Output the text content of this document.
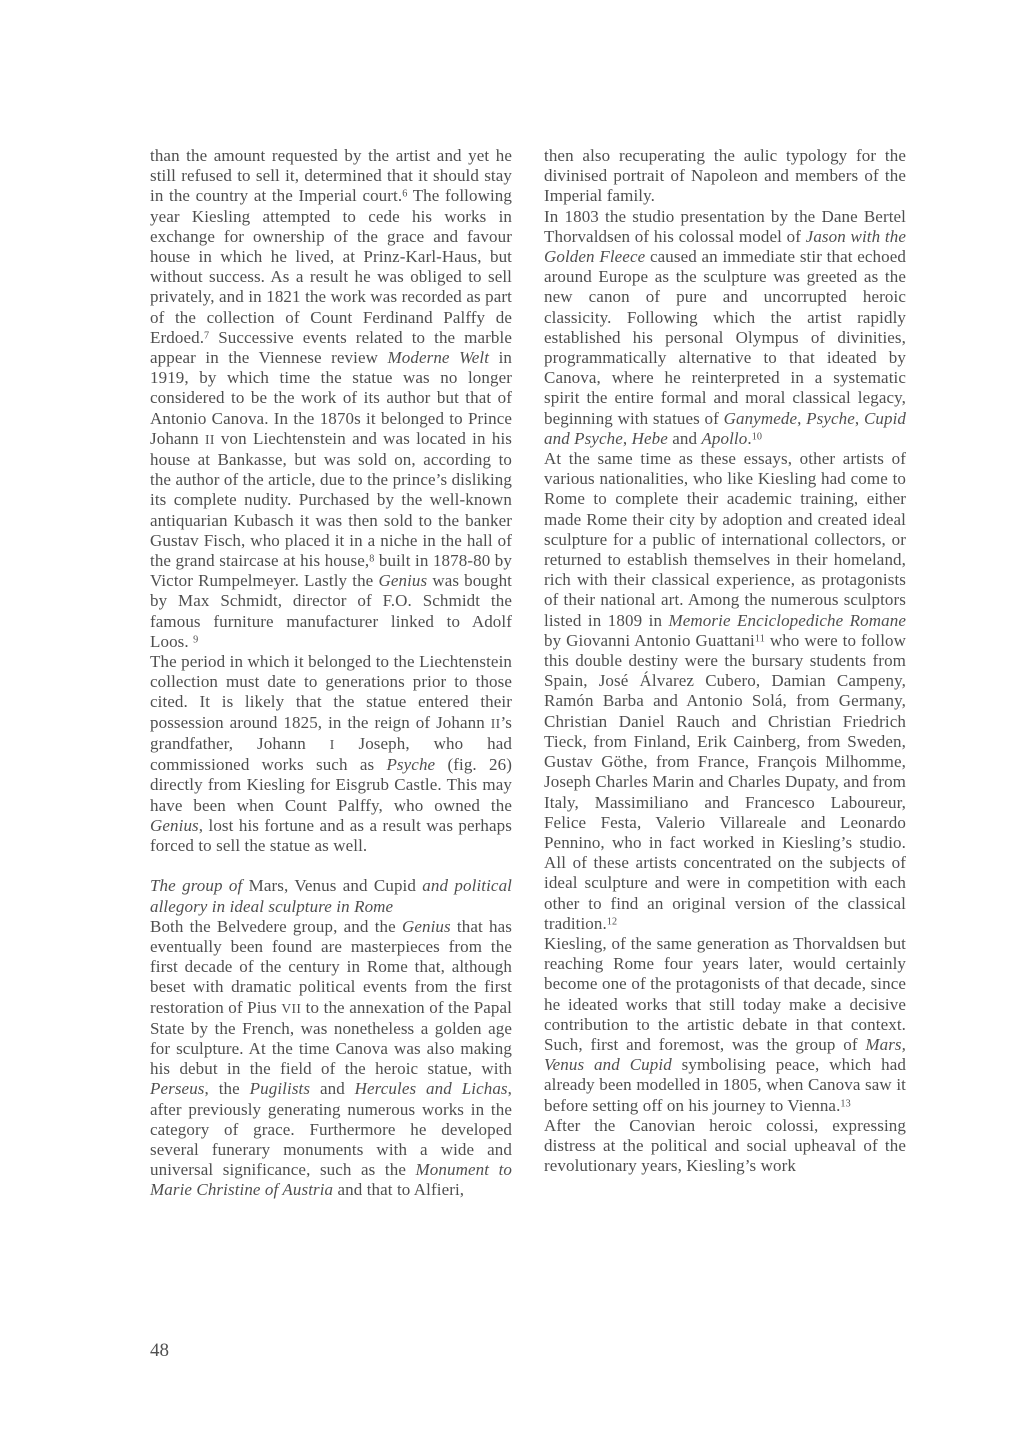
than the amount requested by the artist and yet he still refused to sell it, determined that it should stay in the country at the Imperial court.$^6$ The following year Kiesling attempted to cede his works in exchange for ownership of the grace and favour house in which he lived, at Prinz-Karl-Haus, but without success. As a result he was obliged to sell privately, and in 1821 the work was recorded as part of the collection of Count Ferdinand Palffy de Erdoed.$^7$ Successive events related to the marble appear in the Viennese review Moderne Welt in 1919, by which time the statue was no longer considered to be the work of its author but that of Antonio Canova. In the 1870s it belonged to Prince Johann II von Liechtenstein and was located in his house at Bankasse, but was sold on, according to the author of the article, due to the prince’s disliking its complete nudity. Purchased by the well-known antiquarian Kubasch it was then sold to the banker Gustav Fisch, who placed it in a niche in the hall of the grand staircase at his house,$^8$ built in 1878-80 by Victor Rumpelmeyer. Lastly the Genius was bought by Max Schmidt, director of F.O. Schmidt the famous furniture manufacturer linked to Adolf Loos. $^9$

The period in which it belonged to the Liechtenstein collection must date to generations prior to those cited. It is likely that the statue entered their possession around 1825, in the reign of Johann II’s grandfather, Johann I Joseph, who had commissioned works such as Psyche (fig. 26) directly from Kiesling for Eisgrub Castle. This may have been when Count Palffy, who owned the Genius, lost his fortune and as a result was perhaps forced to sell the statue as well.

The group of Mars, Venus and Cupid and political allegory in ideal sculpture in Rome

Both the Belvedere group, and the Genius that has eventually been found are masterpieces from the first decade of the century in Rome that, although beset with dramatic political events from the first restoration of Pius VII to the annexation of the Papal State by the French, was nonetheless a golden age for sculpture. At the time Canova was also making his debut in the field of the heroic statue, with Perseus, the Pugilists and Hercules and Lichas, after previously generating numerous works in the category of grace. Furthermore he developed several funerary monuments with a wide and universal significance, such as the Monument to Marie Christine of Austria and that to Alfieri,

then also recuperating the aulic typology for the divinised portrait of Napoleon and members of the Imperial family.

In 1803 the studio presentation by the Dane Bertel Thorvaldsen of his colossal model of Jason with the Golden Fleece caused an immediate stir that echoed around Europe as the sculpture was greeted as the new canon of pure and uncorrupted heroic classicity. Following which the artist rapidly established his personal Olympus of divinities, programmatically alternative to that ideated by Canova, where he reinterpreted in a systematic spirit the entire formal and moral classical legacy, beginning with statues of Ganymede, Psyche, Cupid and Psyche, Hebe and Apollo.$^{10}$

At the same time as these essays, other artists of various nationalities, who like Kiesling had come to Rome to complete their academic training, either made Rome their city by adoption and created ideal sculpture for a public of international collectors, or returned to establish themselves in their homeland, rich with their classical experience, as protagonists of their national art. Among the numerous sculptors listed in 1809 in Memorie Enciclopediche Romane by Giovanni Antonio Guattani$^{11}$ who were to follow this double destiny were the bursary students from Spain, José Álvarez Cubero, Damian Campeny, Ramón Barba and Antonio Solá, from Germany, Christian Daniel Rauch and Christian Friedrich Tieck, from Finland, Erik Cainberg, from Sweden, Gustav Göthe, from France, François Milhomme, Joseph Charles Marin and Charles Dupaty, and from Italy, Massimiliano and Francesco Laboureur, Felice Festa, Valerio Villareale and Leonardo Pennino, who in fact worked in Kiesling’s studio. All of these artists concentrated on the subjects of ideal sculpture and were in competition with each other to find an original version of the classical tradition.$^{12}$

Kiesling, of the same generation as Thorvaldsen but reaching Rome four years later, would certainly become one of the protagonists of that decade, since he ideated works that still today make a decisive contribution to the artistic debate in that context. Such, first and foremost, was the group of Mars, Venus and Cupid symbolising peace, which had already been modelled in 1805, when Canova saw it before setting off on his journey to Vienna.$^{13}$

After the Canovian heroic colossi, expressing distress at the political and social upheaval of the revolutionary years, Kiesling’s work

48
